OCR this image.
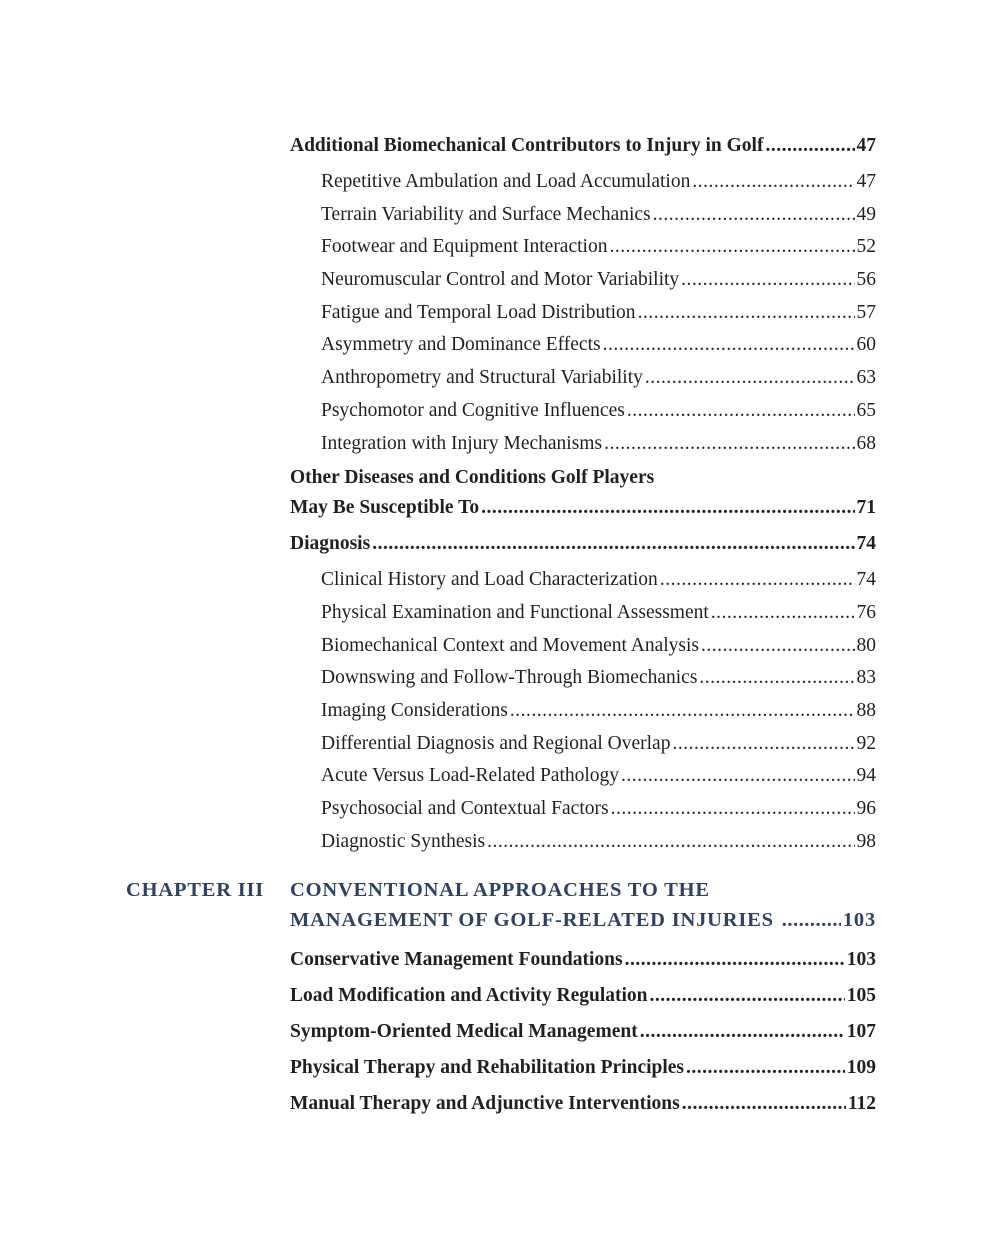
Additional Biomechanical Contributors to Injury in Golf .....	47
Repetitive Ambulation and Load Accumulation .....	47
Terrain Variability and Surface Mechanics .....	49
Footwear and Equipment Interaction .....	52
Neuromuscular Control and Motor Variability .....	56
Fatigue and Temporal Load Distribution .....	57
Asymmetry and Dominance Effects .....	60
Anthropometry and Structural Variability .....	63
Psychomotor and Cognitive Influences .....	65
Integration with Injury Mechanisms .....	68
Other Diseases and Conditions Golf Players
May Be Susceptible To .....	71
Diagnosis .....	74
Clinical History and Load Characterization .....	74
Physical Examination and Functional Assessment .....	76
Biomechanical Context and Movement Analysis .....	80
Downswing and Follow-Through Biomechanics .....	83
Imaging Considerations .....	88
Differential Diagnosis and Regional Overlap .....	92
Acute Versus Load-Related Pathology .....	94
Psychosocial and Contextual Factors .....	96
Diagnostic Synthesis .....	98
CHAPTER III CONVENTIONAL APPROACHES TO THE
MANAGEMENT OF GOLF-RELATED INJURIES .....	103
Conservative Management Foundations .....	103
Load Modification and Activity Regulation .....	105
Symptom-Oriented Medical Management .....	107
Physical Therapy and Rehabilitation Principles .....	109
Manual Therapy and Adjunctive Interventions .....	112
